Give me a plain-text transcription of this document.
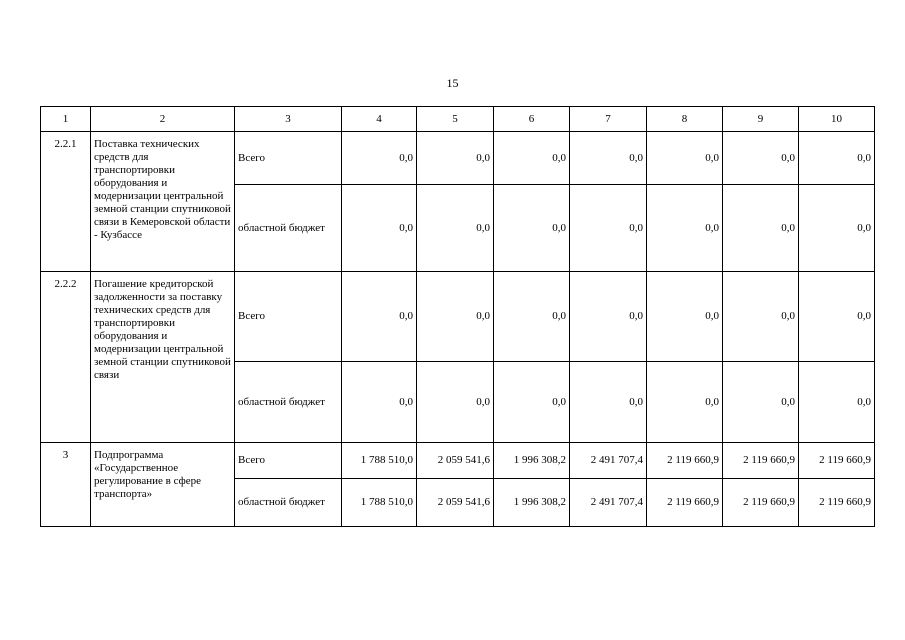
15
1	2	3	4	5	6	7	8	9	10
2.2.1	Поставка технических средств для транспортировки оборудования и модернизации центральной земной станции спутниковой связи в Кемеровской области - Кузбассе	Всего	0,0	0,0	0,0	0,0	0,0	0,0	0,0
		областной бюджет	0,0	0,0	0,0	0,0	0,0	0,0	0,0
2.2.2	Погашение кредиторской задолженности за поставку технических средств для транспортировки оборудования и модернизации центральной земной станции спутниковой связи	Всего	0,0	0,0	0,0	0,0	0,0	0,0	0,0
		областной бюджет	0,0	0,0	0,0	0,0	0,0	0,0	0,0
3	Подпрограмма «Государственное регулирование в сфере транспорта»	Всего	1 788 510,0	2 059 541,6	1 996 308,2	2 491 707,4	2 119 660,9	2 119 660,9	2 119 660,9
		областной бюджет	1 788 510,0	2 059 541,6	1 996 308,2	2 491 707,4	2 119 660,9	2 119 660,9	2 119 660,9
